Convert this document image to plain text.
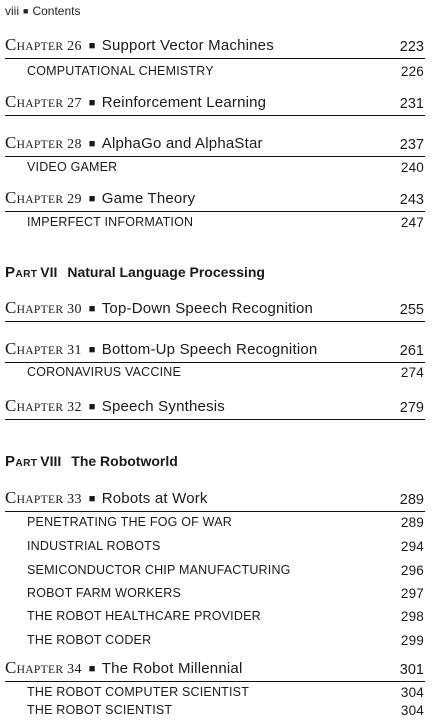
viii ■ Contents
CHAPTER 26 ■ Support Vector Machines	223
COMPUTATIONAL CHEMISTRY	226
CHAPTER 27 ■ Reinforcement Learning	231
CHAPTER 28 ■ AlphaGo and AlphaStar	237
VIDEO GAMER	240
CHAPTER 29 ■ Game Theory	243
IMPERFECT INFORMATION	247
PART VII Natural Language Processing
CHAPTER 30 ■ Top-Down Speech Recognition	255
CHAPTER 31 ■ Bottom-Up Speech Recognition	261
CORONAVIRUS VACCINE	274
CHAPTER 32 ■ Speech Synthesis	279
PART VIII The Robotworld
CHAPTER 33 ■ Robots at Work	289
PENETRATING THE FOG OF WAR	289
INDUSTRIAL ROBOTS	294
SEMICONDUCTOR CHIP MANUFACTURING	296
ROBOT FARM WORKERS	297
THE ROBOT HEALTHCARE PROVIDER	298
THE ROBOT CODER	299
CHAPTER 34 ■ The Robot Millennial	301
THE ROBOT COMPUTER SCIENTIST	304
THE ROBOT SCIENTIST	304
